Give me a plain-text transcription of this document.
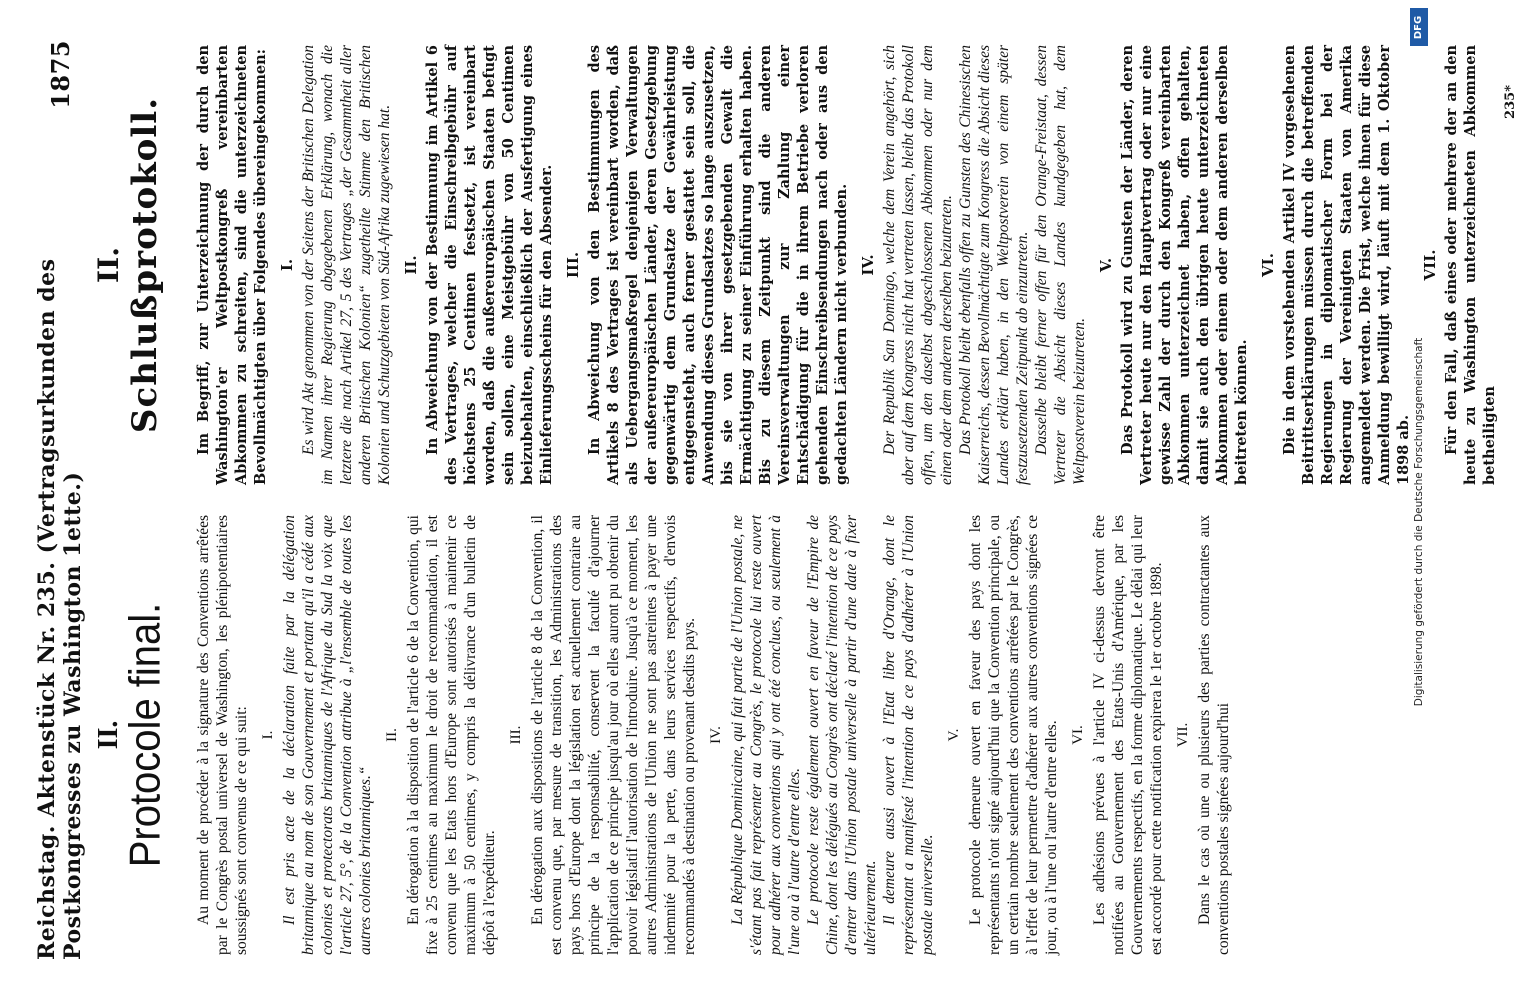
Reichstag. Aktenstück Nr. 235. (Vertragsurkunden des Postkongresses zu Washington 1ette.)
1875
II.
Protocole final. Au moment de procéder à la signature des Conventions arrêtées par le Congrès postal universel de Washington, les plénipotentiaires soussignés sont convenus de ce qui suit: I. Il est pris acte de la déclaration faite par la délégation britannique au nom de son Gouvernement et portant qu'il a cédé aux colonies et protectorats britanniques de l'Afrique du Sud la voix que l'article 27, 5°, de la Convention attribue à „l'ensemble de toutes les autres colonies britanniques.“

II. En dérogation à la disposition de l'article 6 de la Convention, qui fixe à 25 centimes au maximum le droit de recommandation, il est convenu que les Etats hors d'Europe sont autorisés à maintenir ce maximum à 50 centimes, y compris la délivrance d'un bulletin de dépôt à l'expéditeur.

III. En dérogation aux dispositions de l'article 8 de la Convention, il est convenu que, par mesure de transition, les Administrations des pays hors d'Europe dont la législation est actuellement contraire au principe de la responsabilité, conservent la faculté d'ajourner l'application de ce principe jusqu'au jour où elles auront pu obtenir du pouvoir législatif l'autorisation de l'introduire. Jusqu'à ce moment, les autres Administrations de l'Union ne sont pas astreintes à payer une indemnité pour la perte, dans leurs services respectifs, d'envois recommandés à destination ou provenant desdits pays. IV. La République Dominicaine, qui fait partie de l'Union postale, ne s'étant pas fait représenter au Congrès, le protocole lui reste ouvert pour adhérer aux conventions qui y ont été conclues, ou seulement à l'une ou à l'autre d'entre elles. Le protocole reste également ouvert en faveur de l'Empire de Chine, dont les délégués au Congrès ont déclaré l'intention de ce pays d'entrer dans l'Union postale universelle à partir d'une date à fixer ultérieurement. Il demeure aussi ouvert à l'Etat libre d'Orange, dont le représentant a manifesté l'intention de ce pays d'adhérer à l'Union postale universelle.

V. Le protocole demeure ouvert en faveur des pays dont les représentants n'ont signé aujourd'hui que la Convention principale, ou un certain nombre seulement des conventions arrêtées par le Congrès, à l'effet de leur permettre d'adhérer aux autres conventions signées ce jour, ou à l'une ou l'autre d'entre elles. VI. Les adhésions prévues à l'article IV ci-dessus devront être notifiées au Gouvernement des Etats-Unis d'Amérique, par les Gouvernements respectifs, en la forme diplomatique. Le délai qui leur est accordé pour cette notification expirera le 1er octobre 1898. VII. Dans le cas où une ou plusieurs des parties contractantes aux conventions postales signées aujourd'hui

II. Schlußprotokoll. Im Begriff, zur Unterzeichnung der durch den Washington'er Weltpostkongreß vereinbarten Abkommen zu schreiten, sind die unterzeichneten Bevollmächtigten über Folgendes übereingekommen: I. Es wird Akt genommen von der Seitens der Britischen Delegation im Namen ihrer Regierung abgegebenen Erklärung, wonach die letztere die nach Artikel 27, 5 des Vertrages „der Gesammtheit aller anderen Britischen Kolonien“ zugetheilte Stimme den Britischen Kolonien und Schutzgebieten von Süd-Afrika zugewiesen hat. II. In Abweichung von der Bestimmung im Artikel 6 des Vertrages, welcher die Einschreibgebühr auf höchstens 25 Centimen festsetzt, ist vereinbart worden, daß die außereuropäischen Staaten befugt sein sollen, eine Meistgebühr von 50 Centimen beizubehalten, einschließlich der Ausfertigung eines Einlieferungsscheins für den Absender. III. In Abweichung von den Bestimmungen des Artikels 8 des Vertrages ist vereinbart worden, daß als Uebergangsmaßregel denjenigen Verwaltungen der außereuropäischen Länder, deren Gesetzgebung gegenwärtig dem Grundsatze der Gewährleistung entgegensteht, auch ferner gestattet sein soll, die Anwendung dieses Grundsatzes so lange auszusetzen, bis sie von ihrer gesetzgebenden Gewalt die Ermächtigung zu seiner Einführung erhalten haben. Bis zu diesem Zeitpunkt sind die anderen Vereinsverwaltungen zur Zahlung einer Entschädigung für die in ihrem Betriebe verloren gehenden Einschreibsendungen nach oder aus den gedachten Ländern nicht verbunden. IV. Der Republik San Domingo, welche dem Verein angehört, sich aber auf dem Kongress nicht hat vertreten lassen, bleibt das Protokoll offen, um den daselbst abgeschlossenen Abkommen oder nur dem einen oder dem anderen derselben beizutreten. Das Protokoll bleibt ebenfalls offen zu Gunsten des Chinesischen Kaiserreichs, dessen Bevollmächtigte zum Kongress die Absicht dieses Landes erklärt haben, in den Weltpostverein von einem später festzusetzenden Zeitpunkt ab einzutreten. Dasselbe bleibt ferner offen für den Orange-Freistaat, dessen Vertreter die Absicht dieses Landes kundgegeben hat, dem Weltpostverein beizutreten.

V. Das Protokoll wird zu Gunsten der Länder, deren Vertreter heute nur den Hauptvertrag oder nur eine gewisse Zahl der durch den Kongreß vereinbarten Abkommen unterzeichnet haben, offen gehalten, damit sie auch den übrigen heute unterzeichneten Abkommen oder einem oder dem anderen derselben beitreten können.

VI. Die in dem vorstehenden Artikel IV vorgesehenen Beitrittserklärungen müssen durch die betreffenden Regierungen in diplomatischer Form bei der Regierung der Vereinigten Staaten von Amerika angemeldet werden. Die Frist, welche ihnen für diese Anmeldung bewilligt wird, läuft mit dem 1. Oktober 1898 ab.

VII. Für den Fall, daß eines oder mehrere der an den heute zu Washington unterzeichneten Abkommen betheiligten

235*
DFG
Digitalisierung gefördert durch die Deutsche Forschungsgemeinschaft
